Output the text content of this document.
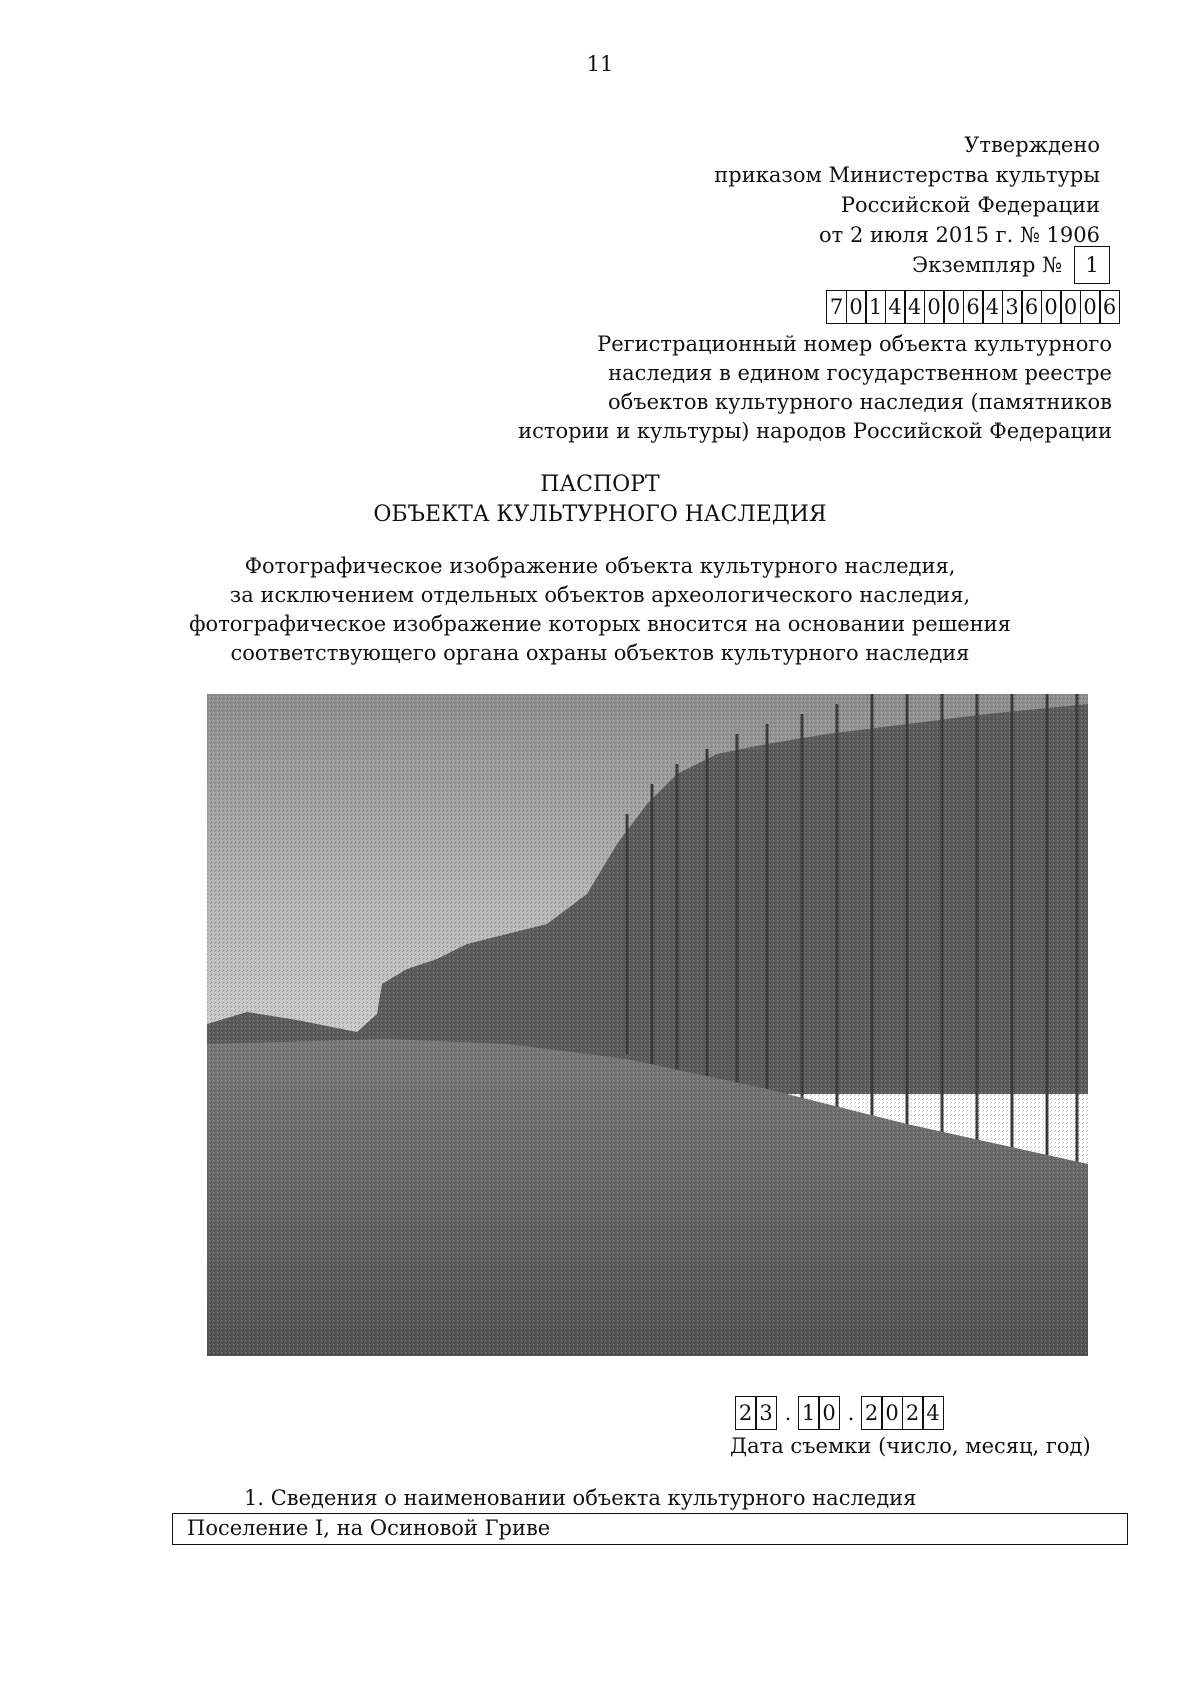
11
Утверждено
приказом Министерства культуры
Российской Федерации
от 2 июля 2015 г. № 1906
Экземпляр №	1
7 0 1 4 4 0 0 6 4 3 6 0 0 0 6
Регистрационный номер объекта культурного
наследия в едином государственном реестре
объектов культурного наследия (памятников
истории и культуры) народов Российской Федерации
ПАСПОРТ
ОБЪЕКТА КУЛЬТУРНОГО НАСЛЕДИЯ
Фотографическое изображение объекта культурного наследия,
за исключением отдельных объектов археологического наследия,
фотографическое изображение которых вносится на основании решения
соответствующего органа охраны объектов культурного наследия
2 3 . 1 0 . 2 0 2 4
Дата съемки (число, месяц, год)
1. Сведения о наименовании объекта культурного наследия
Поселение I, на Осиновой Гриве
